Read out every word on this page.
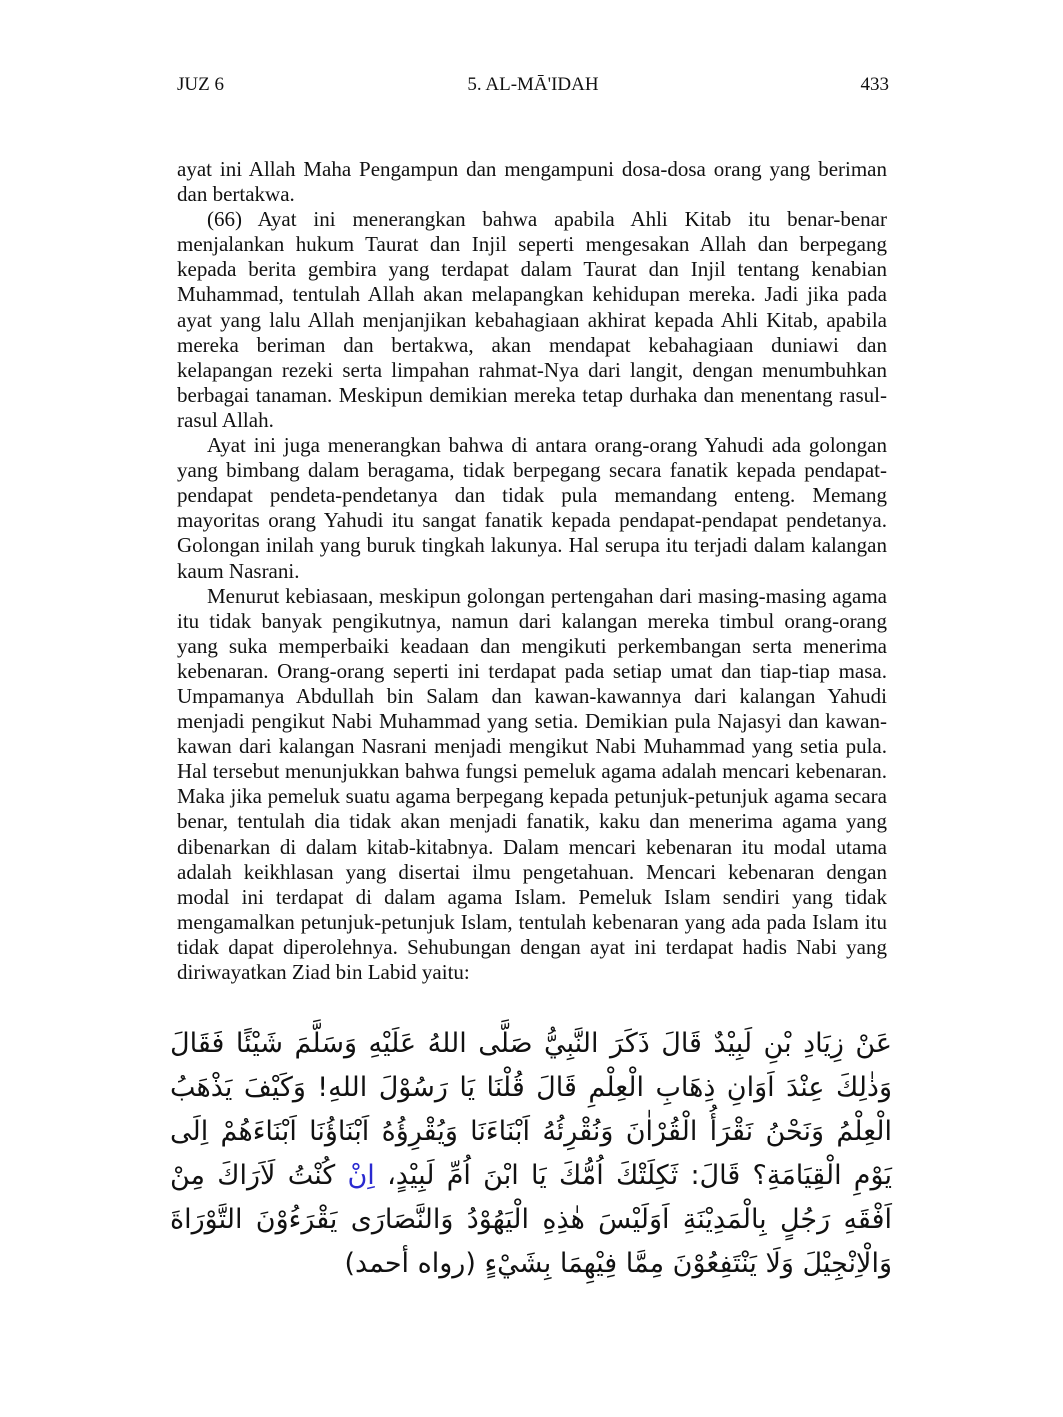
JUZ 6	5. AL-MĀ'IDAH	433

ayat ini Allah Maha Pengampun dan mengampuni dosa-dosa orang yang beriman dan bertakwa.

(66) Ayat ini menerangkan bahwa apabila Ahli Kitab itu benar-benar menjalankan hukum Taurat dan Injil seperti mengesakan Allah dan berpegang kepada berita gembira yang terdapat dalam Taurat dan Injil tentang kenabian Muhammad, tentulah Allah akan melapangkan kehidupan mereka. Jadi jika pada ayat yang lalu Allah menjanjikan kebahagiaan akhirat kepada Ahli Kitab, apabila mereka beriman dan bertakwa, akan mendapat kebahagiaan duniawi dan kelapangan rezeki serta limpahan rahmat-Nya dari langit, dengan menumbuhkan berbagai tanaman. Meskipun demikian mereka tetap durhaka dan menentang rasul-rasul Allah.

Ayat ini juga menerangkan bahwa di antara orang-orang Yahudi ada golongan yang bimbang dalam beragama, tidak berpegang secara fanatik kepada pendapat-pendapat pendeta-pendetanya dan tidak pula memandang enteng. Memang mayoritas orang Yahudi itu sangat fanatik kepada pendapat-pendapat pendetanya. Golongan inilah yang buruk tingkah lakunya. Hal serupa itu terjadi dalam kalangan kaum Nasrani.

Menurut kebiasaan, meskipun golongan pertengahan dari masing-masing agama itu tidak banyak pengikutnya, namun dari kalangan mereka timbul orang-orang yang suka memperbaiki keadaan dan mengikuti perkembangan serta menerima kebenaran. Orang-orang seperti ini terdapat pada setiap umat dan tiap-tiap masa. Umpamanya Abdullah bin Salam dan kawan-kawannya dari kalangan Yahudi menjadi pengikut Nabi Muhammad yang setia. Demikian pula Najasyi dan kawan-kawan dari kalangan Nasrani menjadi mengikut Nabi Muhammad yang setia pula. Hal tersebut menunjukkan bahwa fungsi pemeluk agama adalah mencari kebenaran. Maka jika pemeluk suatu agama berpegang kepada petunjuk-petunjuk agama secara benar, tentulah dia tidak akan menjadi fanatik, kaku dan menerima agama yang dibenarkan di dalam kitab-kitabnya. Dalam mencari kebenaran itu modal utama adalah keikhlasan yang disertai ilmu pengetahuan. Mencari kebenaran dengan modal ini terdapat di dalam agama Islam. Pemeluk Islam sendiri yang tidak mengamalkan petunjuk-petunjuk Islam, tentulah kebenaran yang ada pada Islam itu tidak dapat diperolehnya. Sehubungan dengan ayat ini terdapat hadis Nabi yang diriwayatkan Ziad bin Labid yaitu:

عَنْ زِيَادِ بْنِ لَبِيْدٌ قَالَ ذَكَرَ النَّبِيُّ صَلَّى اللهُ عَلَيْهِ وَسَلَّمَ شَيْئًا فَقَالَ وَذٰلِكَ عِنْدَ اَوَانِ ذِهَابِ الْعِلْمِ قَالَ قُلْنَا يَا رَسُوْلَ اللهِ! وَكَيْفَ يَذْهَبُ الْعِلْمُ وَنَحْنُ نَقْرَأُ الْقُرْاٰنَ وَنُقْرِئُهُ اَبْنَاءَنَا وَيُقْرِؤُهُ اَبْنَاؤُنَا اَبْنَاءَهُمْ اِلَى يَوْمِ الْقِيَامَةِ؟ قَالَ: ثَكِلَتْكَ اُمُّكَ يَا ابْنَ اُمِّ لَبِيْدٍ، اِنْ كُنْتُ لَاَرَاكَ مِنْ اَفْقَهِ رَجُلٍ بِالْمَدِيْنَةِ اَوَلَيْسَ هٰذِهِ الْيَهُوْدُ وَالنَّصَارَى يَقْرَءُوْنَ التَّوْرَاةَ وَالْاِنْجِيْلَ وَلَا يَنْتَفِعُوْنَ مِمَّا فِيْهِمَا بِشَيْءٍ (رواه أحمد)
